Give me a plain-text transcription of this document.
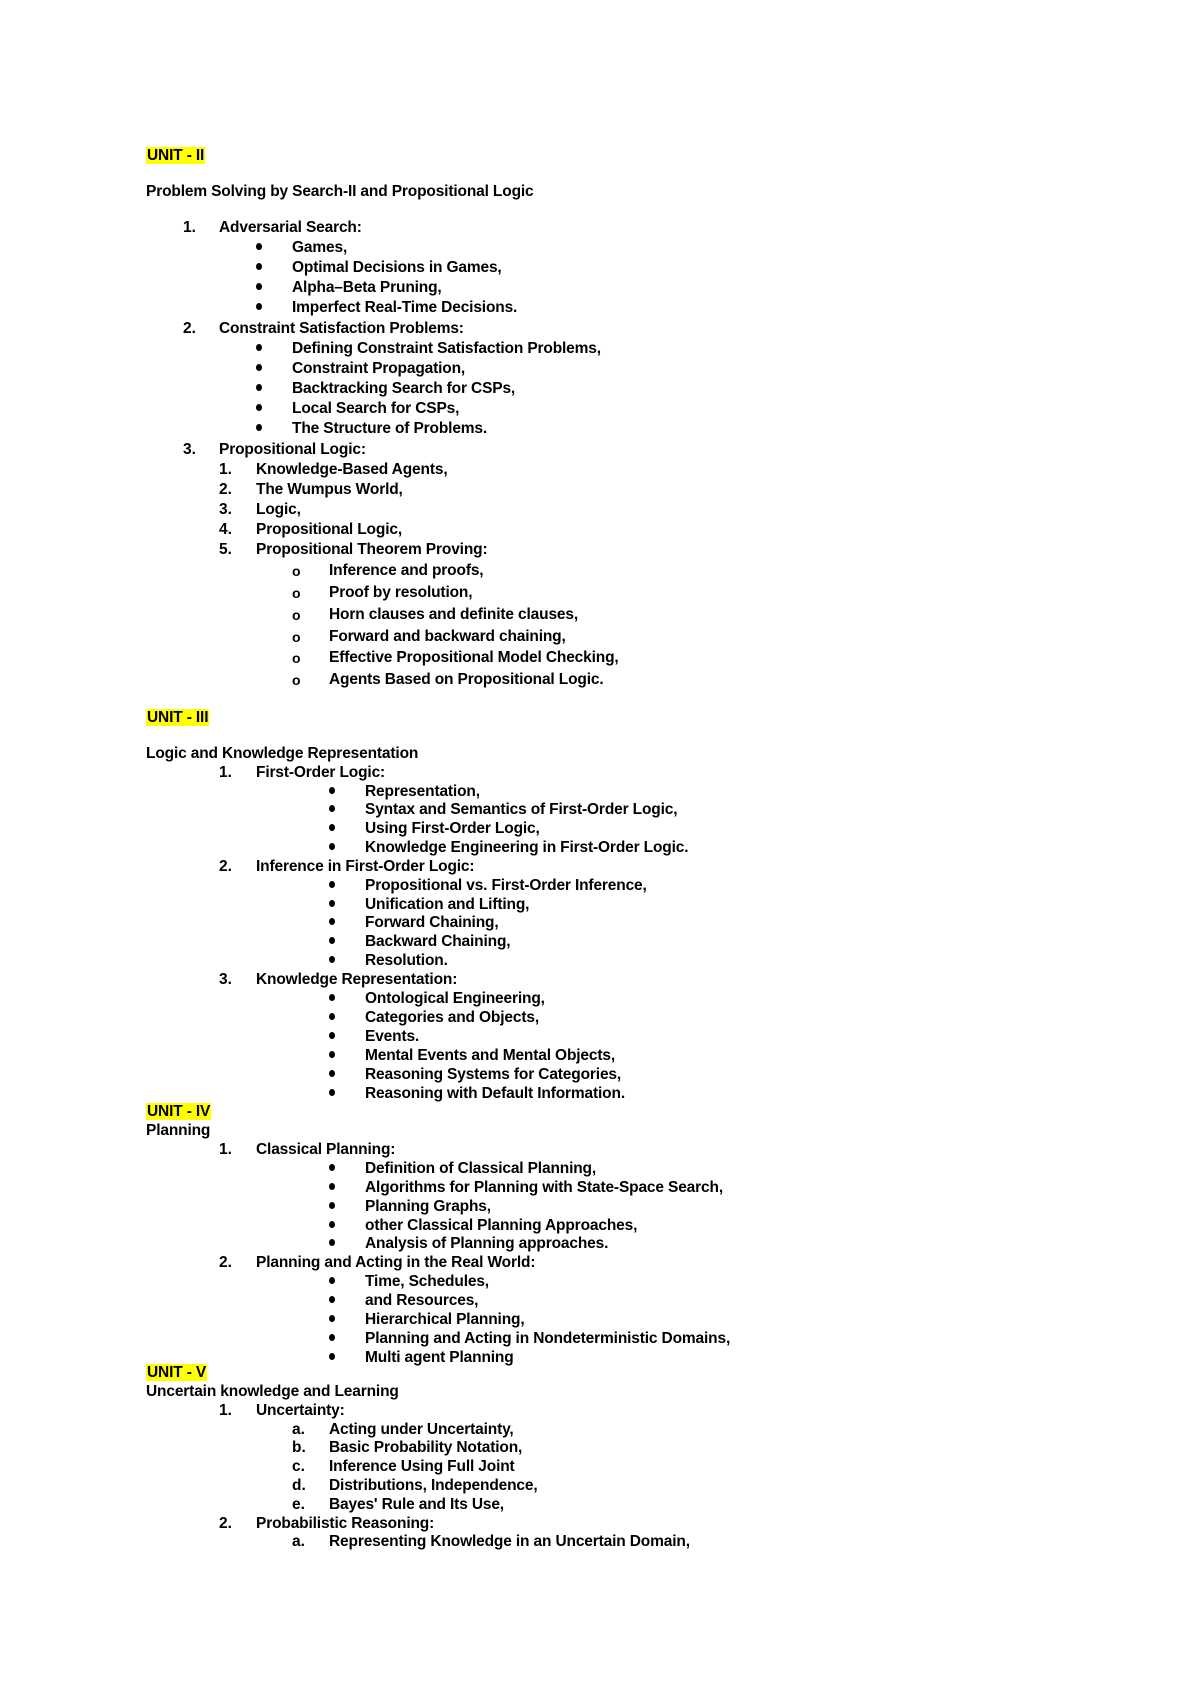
UNIT - II
Problem Solving by Search-II and Propositional Logic
1.	Adversarial Search:
Games,
Optimal Decisions in Games,
Alpha–Beta Pruning,
Imperfect Real-Time Decisions.
2.	Constraint Satisfaction Problems:
Defining Constraint Satisfaction Problems,
Constraint Propagation,
Backtracking Search for CSPs,
Local Search for CSPs,
The Structure of Problems.
3.	Propositional Logic:
1.	Knowledge-Based Agents,
2.	The Wumpus World,
3.	Logic,
4.	Propositional Logic,
5.	Propositional Theorem Proving:
o	Inference and proofs,
o	Proof by resolution,
o	Horn clauses and definite clauses,
o	Forward and backward chaining,
o	Effective Propositional Model Checking,
o	Agents Based on Propositional Logic.
UNIT - III
Logic and Knowledge Representation
1.	First-Order Logic:
Representation,
Syntax and Semantics of First-Order Logic,
Using First-Order Logic,
Knowledge Engineering in First-Order Logic.
2.	Inference in First-Order Logic:
Propositional vs. First-Order Inference,
Unification and Lifting,
Forward Chaining,
Backward Chaining,
Resolution.
3.	Knowledge Representation:
Ontological Engineering,
Categories and Objects,
Events.
Mental Events and Mental Objects,
Reasoning Systems for Categories,
Reasoning with Default Information.
UNIT - IV
Planning
1.	Classical Planning:
Definition of Classical Planning,
Algorithms for Planning with State-Space Search,
Planning Graphs,
other Classical Planning Approaches,
Analysis of Planning approaches.
2.	Planning and Acting in the Real World:
Time, Schedules,
and Resources,
Hierarchical Planning,
Planning and Acting in Nondeterministic Domains,
Multi agent Planning
UNIT - V
Uncertain knowledge and Learning
1.	Uncertainty:
a.	Acting under Uncertainty,
b.	Basic Probability Notation,
c.	Inference Using Full Joint
d.	Distributions, Independence,
e.	Bayes' Rule and Its Use,
2.	Probabilistic Reasoning:
a.	Representing Knowledge in an Uncertain Domain,
